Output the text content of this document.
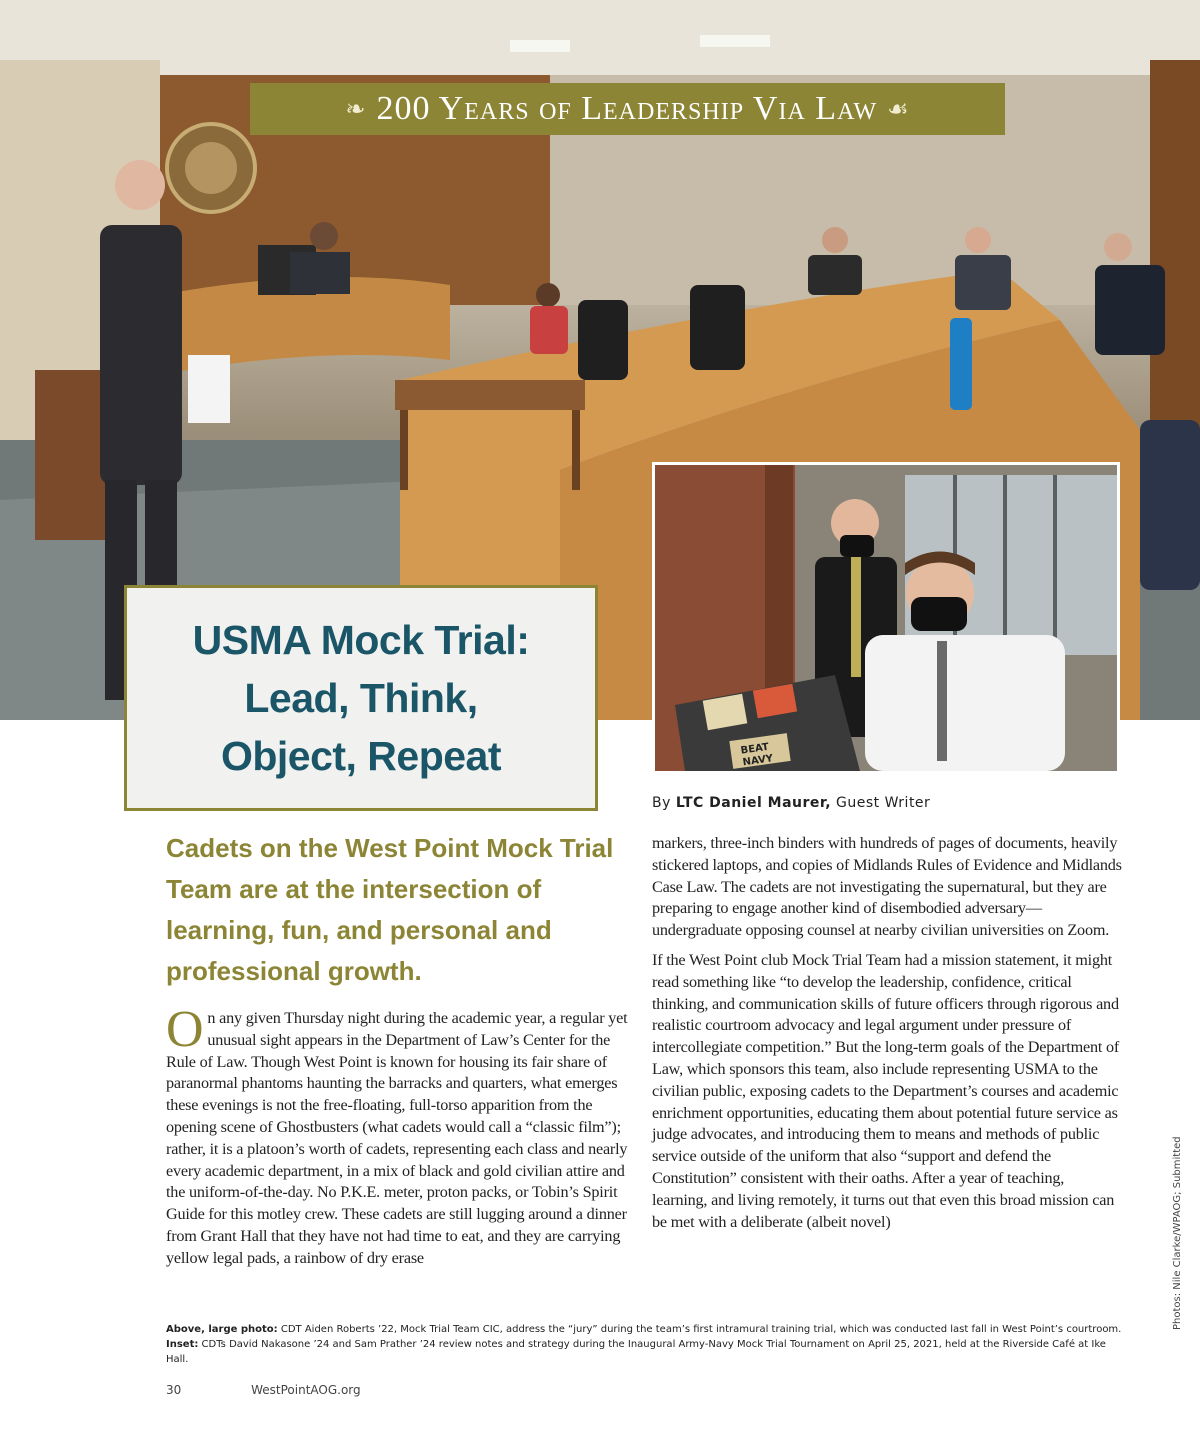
❧ 200 Years of Leadership Via Law ☙
BEAT
NAVY
USMA Mock Trial:
Lead, Think,
Object, Repeat
By LTC Daniel Maurer, Guest Writer
Cadets on the West Point Mock Trial Team are at the intersection of learning, fun, and personal and professional growth.

On any given Thursday night during the academic year, a regular yet unusual sight appears in the Department of Law’s Center for the Rule of Law. Though West Point is known for housing its fair share of paranormal phantoms haunting the barracks and quarters, what emerges these evenings is not the free-floating, full-torso apparition from the opening scene of Ghostbusters (what cadets would call a “classic film”); rather, it is a platoon’s worth of cadets, representing each class and nearly every academic department, in a mix of black and gold civilian attire and the uniform-of-the-day. No P.K.E. meter, proton packs, or Tobin’s Spirit Guide for this motley crew. These cadets are still lugging around a dinner from Grant Hall that they have not had time to eat, and they are carrying yellow legal pads, a rainbow of dry erase

markers, three-inch binders with hundreds of pages of documents, heavily stickered laptops, and copies of Midlands Rules of Evidence and Midlands Case Law. The cadets are not investigating the supernatural, but they are preparing to engage another kind of disembodied adversary—undergraduate opposing counsel at nearby civilian universities on Zoom.

If the West Point club Mock Trial Team had a mission statement, it might read something like “to develop the leadership, confidence, critical thinking, and communication skills of future officers through rigorous and realistic courtroom advocacy and legal argument under pressure of intercollegiate competition.” But the long-term goals of the Department of Law, which sponsors this team, also include representing USMA to the civilian public, exposing cadets to the Department’s courses and academic enrichment opportunities, educating them about potential future service as judge advocates, and introducing them to means and methods of public service outside of the uniform that also “support and defend the Constitution” consistent with their oaths. After a year of teaching, learning, and living remotely, it turns out that even this broad mission can be met with a deliberate (albeit novel)

Above, large photo: CDT Aiden Roberts ’22, Mock Trial Team CIC, address the “jury” during the team’s first intramural training trial, which was conducted last fall in West Point’s courtroom. Inset: CDTs David Nakasone ’24 and Sam Prather ’24 review notes and strategy during the Inaugural Army-Navy Mock Trial Tournament on April 25, 2021, held at the Riverside Café at Ike Hall.
Photos: Nile Clarke/WPAOG; Submitted
30	WestPointAOG.org
